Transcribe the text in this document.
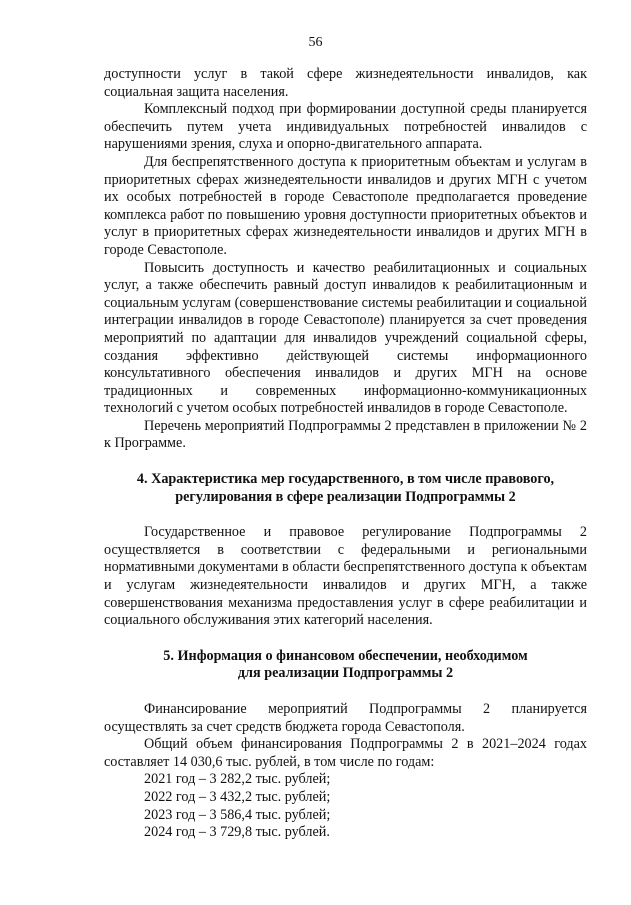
56

доступности услуг в такой сфере жизнедеятельности инвалидов, как социальная защита населения.

Комплексный подход при формировании доступной среды планируется обеспечить путем учета индивидуальных потребностей инвалидов с нарушениями зрения, слуха и опорно-двигательного аппарата.

Для беспрепятственного доступа к приоритетным объектам и услугам в приоритетных сферах жизнедеятельности инвалидов и других МГН с учетом их особых потребностей в городе Севастополе предполагается проведение комплекса работ по повышению уровня доступности приоритетных объектов и услуг в приоритетных сферах жизнедеятельности инвалидов и других МГН в городе Севастополе.

Повысить доступность и качество реабилитационных и социальных услуг, а также обеспечить равный доступ инвалидов к реабилитационным и социальным услугам (совершенствование системы реабилитации и социальной интеграции инвалидов в городе Севастополе) планируется за счет проведения мероприятий по адаптации для инвалидов учреждений социальной сферы, создания эффективно действующей системы информационного консультативного обеспечения инвалидов и других МГН на основе традиционных и современных информационно-коммуникационных технологий с учетом особых потребностей инвалидов в городе Севастополе.

Перечень мероприятий Подпрограммы 2 представлен в приложении № 2 к Программе.

4. Характеристика мер государственного, в том числе правового,
регулирования в сфере реализации Подпрограммы 2

Государственное и правовое регулирование Подпрограммы 2 осуществляется в соответствии с федеральными и региональными нормативными документами в области беспрепятственного доступа к объектам и услугам жизнедеятельности инвалидов и других МГН, а также совершенствования механизма предоставления услуг в сфере реабилитации и социального обслуживания этих категорий населения.

5. Информация о финансовом обеспечении, необходимом
для реализации Подпрограммы 2

Финансирование мероприятий Подпрограммы 2 планируется осуществлять за счет средств бюджета города Севастополя.

Общий объем финансирования Подпрограммы 2 в 2021–2024 годах составляет 14 030,6 тыс. рублей, в том числе по годам:

2021 год – 3 282,2 тыс. рублей;
2022 год – 3 432,2 тыс. рублей;
2023 год – 3 586,4 тыс. рублей;
2024 год – 3 729,8 тыс. рублей.
